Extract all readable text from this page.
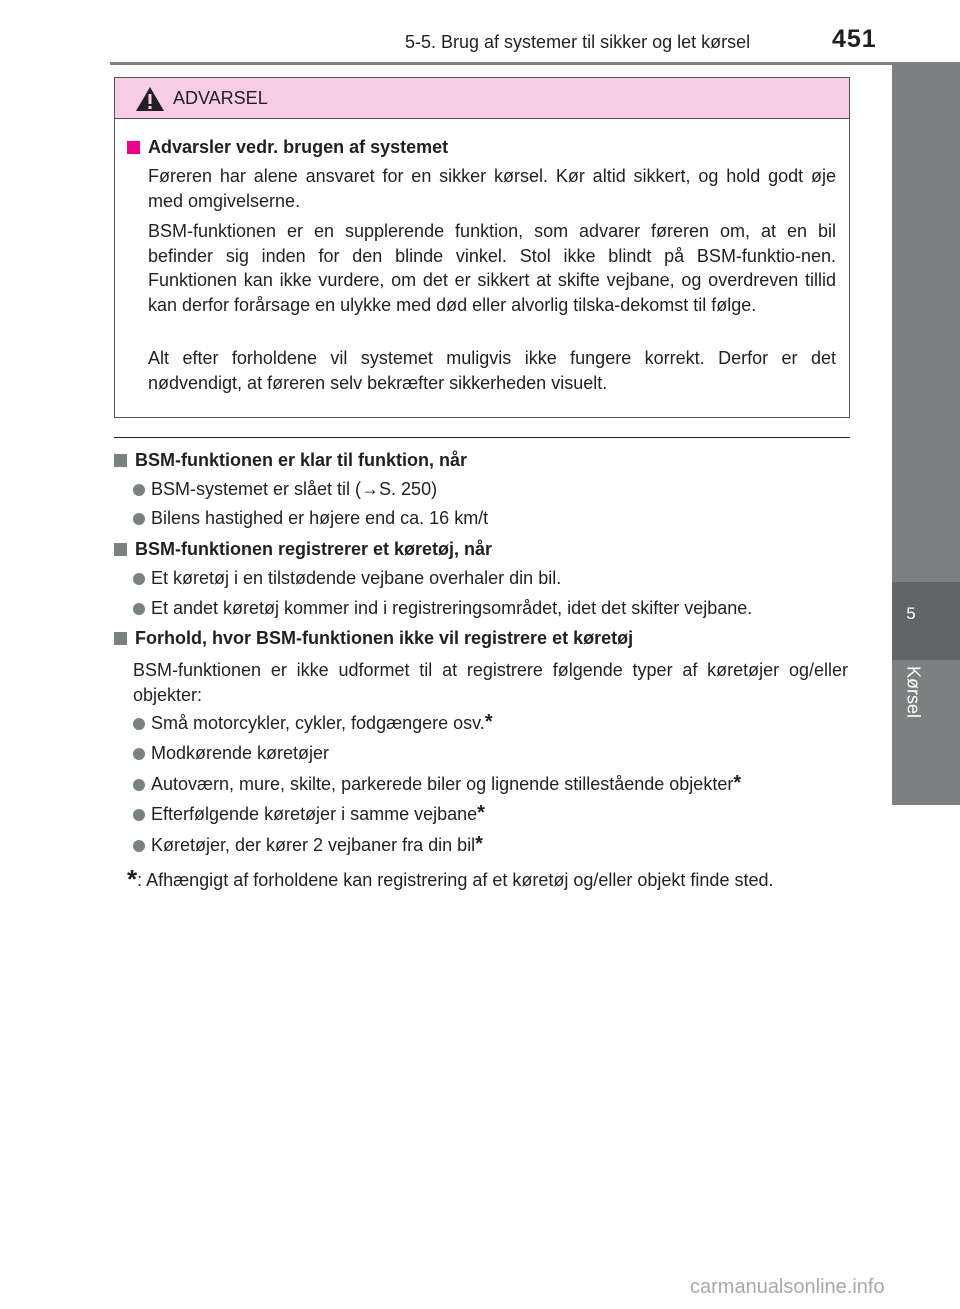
5-5. Brug af systemer til sikker og let kørsel	451
5
Kørsel
ADVARSEL
Advarsler vedr. brugen af systemet

Føreren har alene ansvaret for en sikker kørsel. Kør altid sikkert, og hold godt øje med omgivelserne.

BSM-funktionen er en supplerende funktion, som advarer føreren om, at en bil befinder sig inden for den blinde vinkel. Stol ikke blindt på BSM-funktio-nen. Funktionen kan ikke vurdere, om det er sikkert at skifte vejbane, og overdreven tillid kan derfor forårsage en ulykke med død eller alvorlig tilska-dekomst til følge.

Alt efter forholdene vil systemet muligvis ikke fungere korrekt. Derfor er det nødvendigt, at føreren selv bekræfter sikkerheden visuelt.

BSM-funktionen er klar til funktion, når
BSM-systemet er slået til (→S. 250)
Bilens hastighed er højere end ca. 16 km/t
BSM-funktionen registrerer et køretøj, når
Et køretøj i en tilstødende vejbane overhaler din bil.
Et andet køretøj kommer ind i registreringsområdet, idet det skifter vejbane.
Forhold, hvor BSM-funktionen ikke vil registrere et køretøj

BSM-funktionen er ikke udformet til at registrere følgende typer af køretøjer og/eller objekter:

Små motorcykler, cykler, fodgængere osv.*
Modkørende køretøjer
Autoværn, mure, skilte, parkerede biler og lignende stillestående objekter*
Efterfølgende køretøjer i samme vejbane*
Køretøjer, der kører 2 vejbaner fra din bil*
*: Afhængigt af forholdene kan registrering af et køretøj og/eller objekt finde sted.
carmanualsonline.info
